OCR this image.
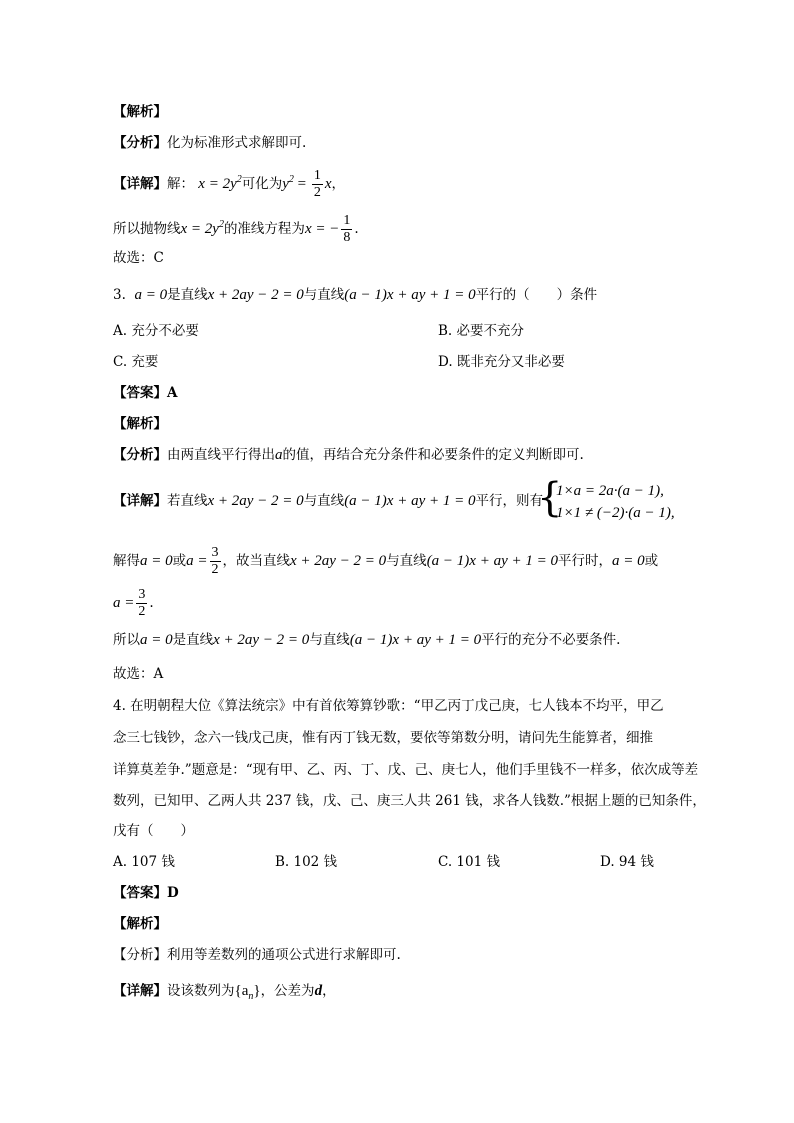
【解析】
【分析】化为标准形式求解即可.
【详解】解： $x = 2y^2$可化为$y^2 = \frac{1}{2}$ x，
所以抛物线$x = 2y^2$的准线方程为x = − $\frac{1}{8}$ .
故选：C
3. a = 0是直线x + 2ay − 2 = 0与直线(a − 1)x + ay + 1 = 0平行的（　　）条件
A. 充分不必要	B. 必要不充分
C. 充要	D. 既非充分又非必要
【答案】A
【解析】
【分析】由两直线平行得出a的值，再结合充分条件和必要条件的定义判断即可.
【详解】若直线x + 2ay − 2 = 0与直线(a − 1)x + ay + 1 = 0平行，则有
{
1×a = 2a·(a − 1),
1×1 ≠ (−2)·(a − 1),
解得a = 0或$a = \frac{3}{2}$ ，故当直线x + 2ay − 2 = 0与直线(a − 1)x + ay + 1 = 0平行时，a = 0或
$a = \frac{3}{2}$ .
所以a = 0是直线x + 2ay − 2 = 0与直线(a − 1)x + ay + 1 = 0平行的充分不必要条件.
故选：A
4. 在明朝程大位《算法统宗》中有首依筹算钞歌：“甲乙丙丁戊己庚，七人钱本不均平，甲乙
念三七钱钞，念六一钱戊己庚，惟有丙丁钱无数，要依等第数分明，请问先生能算者，细推
详算莫差争.”题意是：“现有甲、乙、丙、丁、戊、己、庚七人，他们手里钱不一样多，依次成等差
数列，已知甲、乙两人共 237 钱，戊、己、庚三人共 261 钱，求各人钱数.”根据上题的已知条件，
戊有（　　）
A. 107 钱	B. 102 钱	C. 101 钱	D. 94 钱
【答案】D
【解析】
【分析】利用等差数列的通项公式进行求解即可.
【详解】设该数列为$\{a_n\}$，公差为d，
